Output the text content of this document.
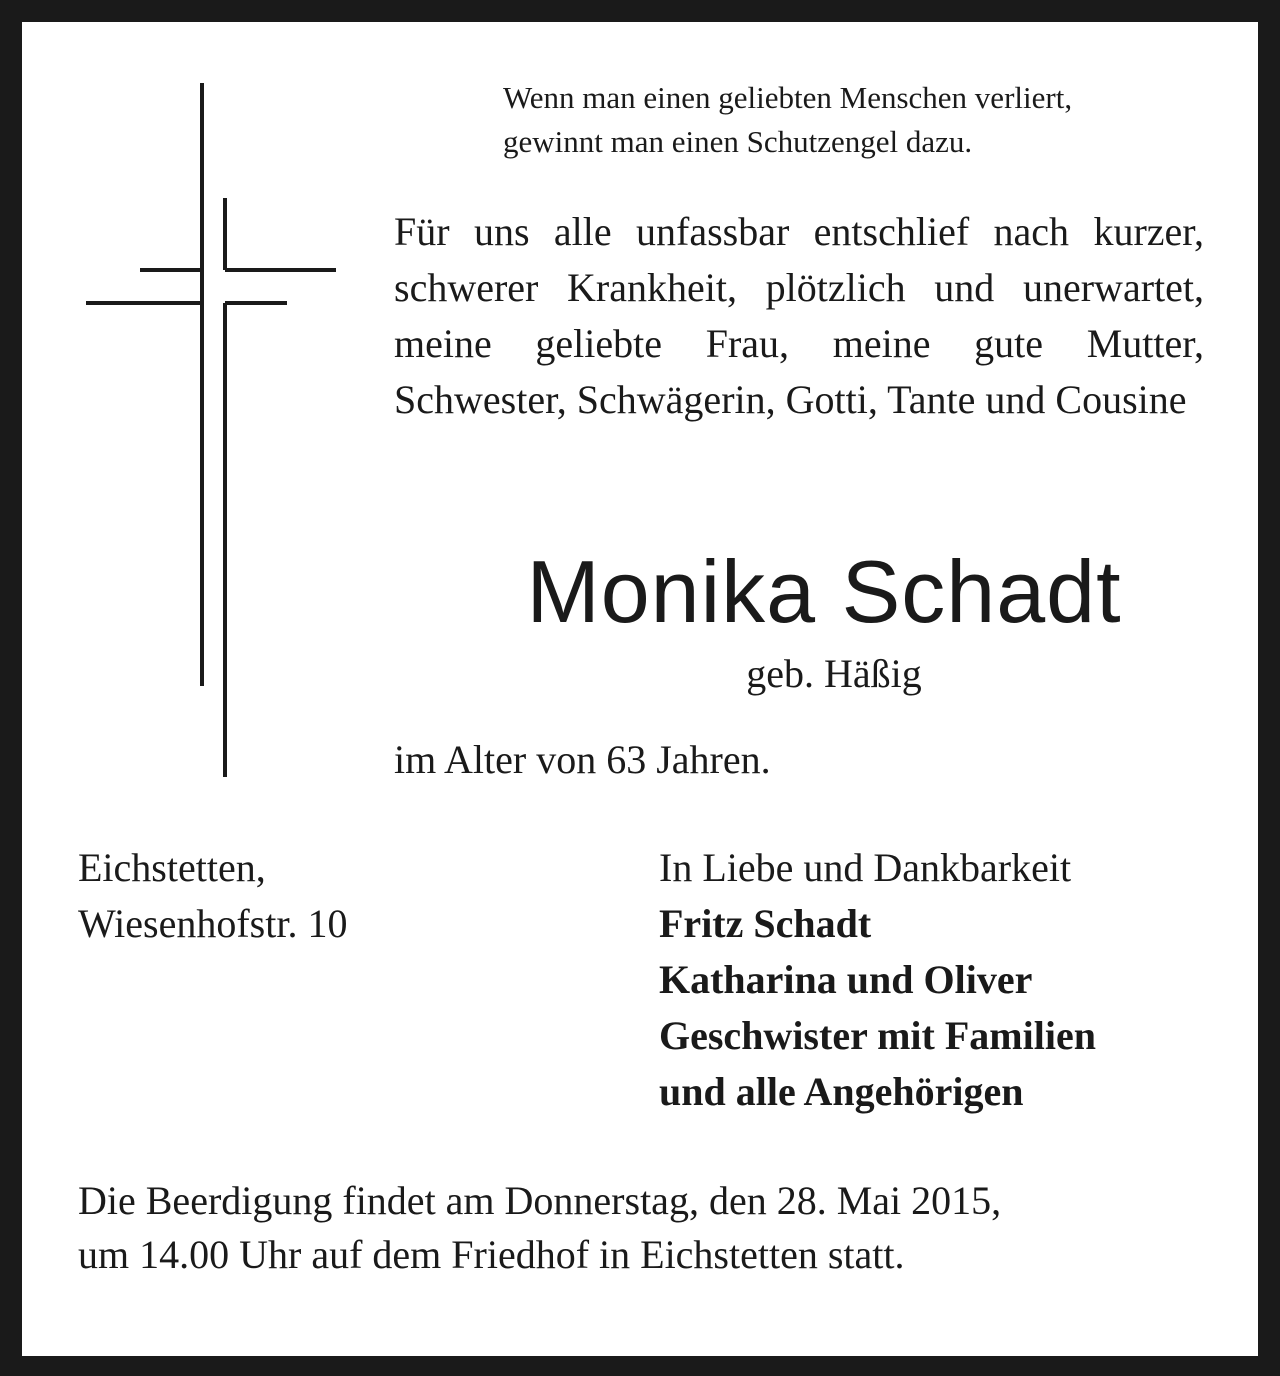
Wenn man einen geliebten Menschen verliert,
gewinnt man einen Schutzengel dazu.

Für uns alle unfassbar entschlief nach kurzer, schwerer Krankheit, plötzlich und unerwartet, meine geliebte Frau, meine gute Mutter, Schwester, Schwägerin, Gotti, Tante und Cousine

Monika Schadt

geb. Häßig

im Alter von 63 Jahren.

Eichstetten,
Wiesenhofstr. 10
In Liebe und Dankbarkeit
Fritz Schadt
Katharina und Oliver
Geschwister mit Familien
und alle Angehörigen
Die Beerdigung findet am Donnerstag, den 28. Mai 2015,
um 14.00 Uhr auf dem Friedhof in Eichstetten statt.
